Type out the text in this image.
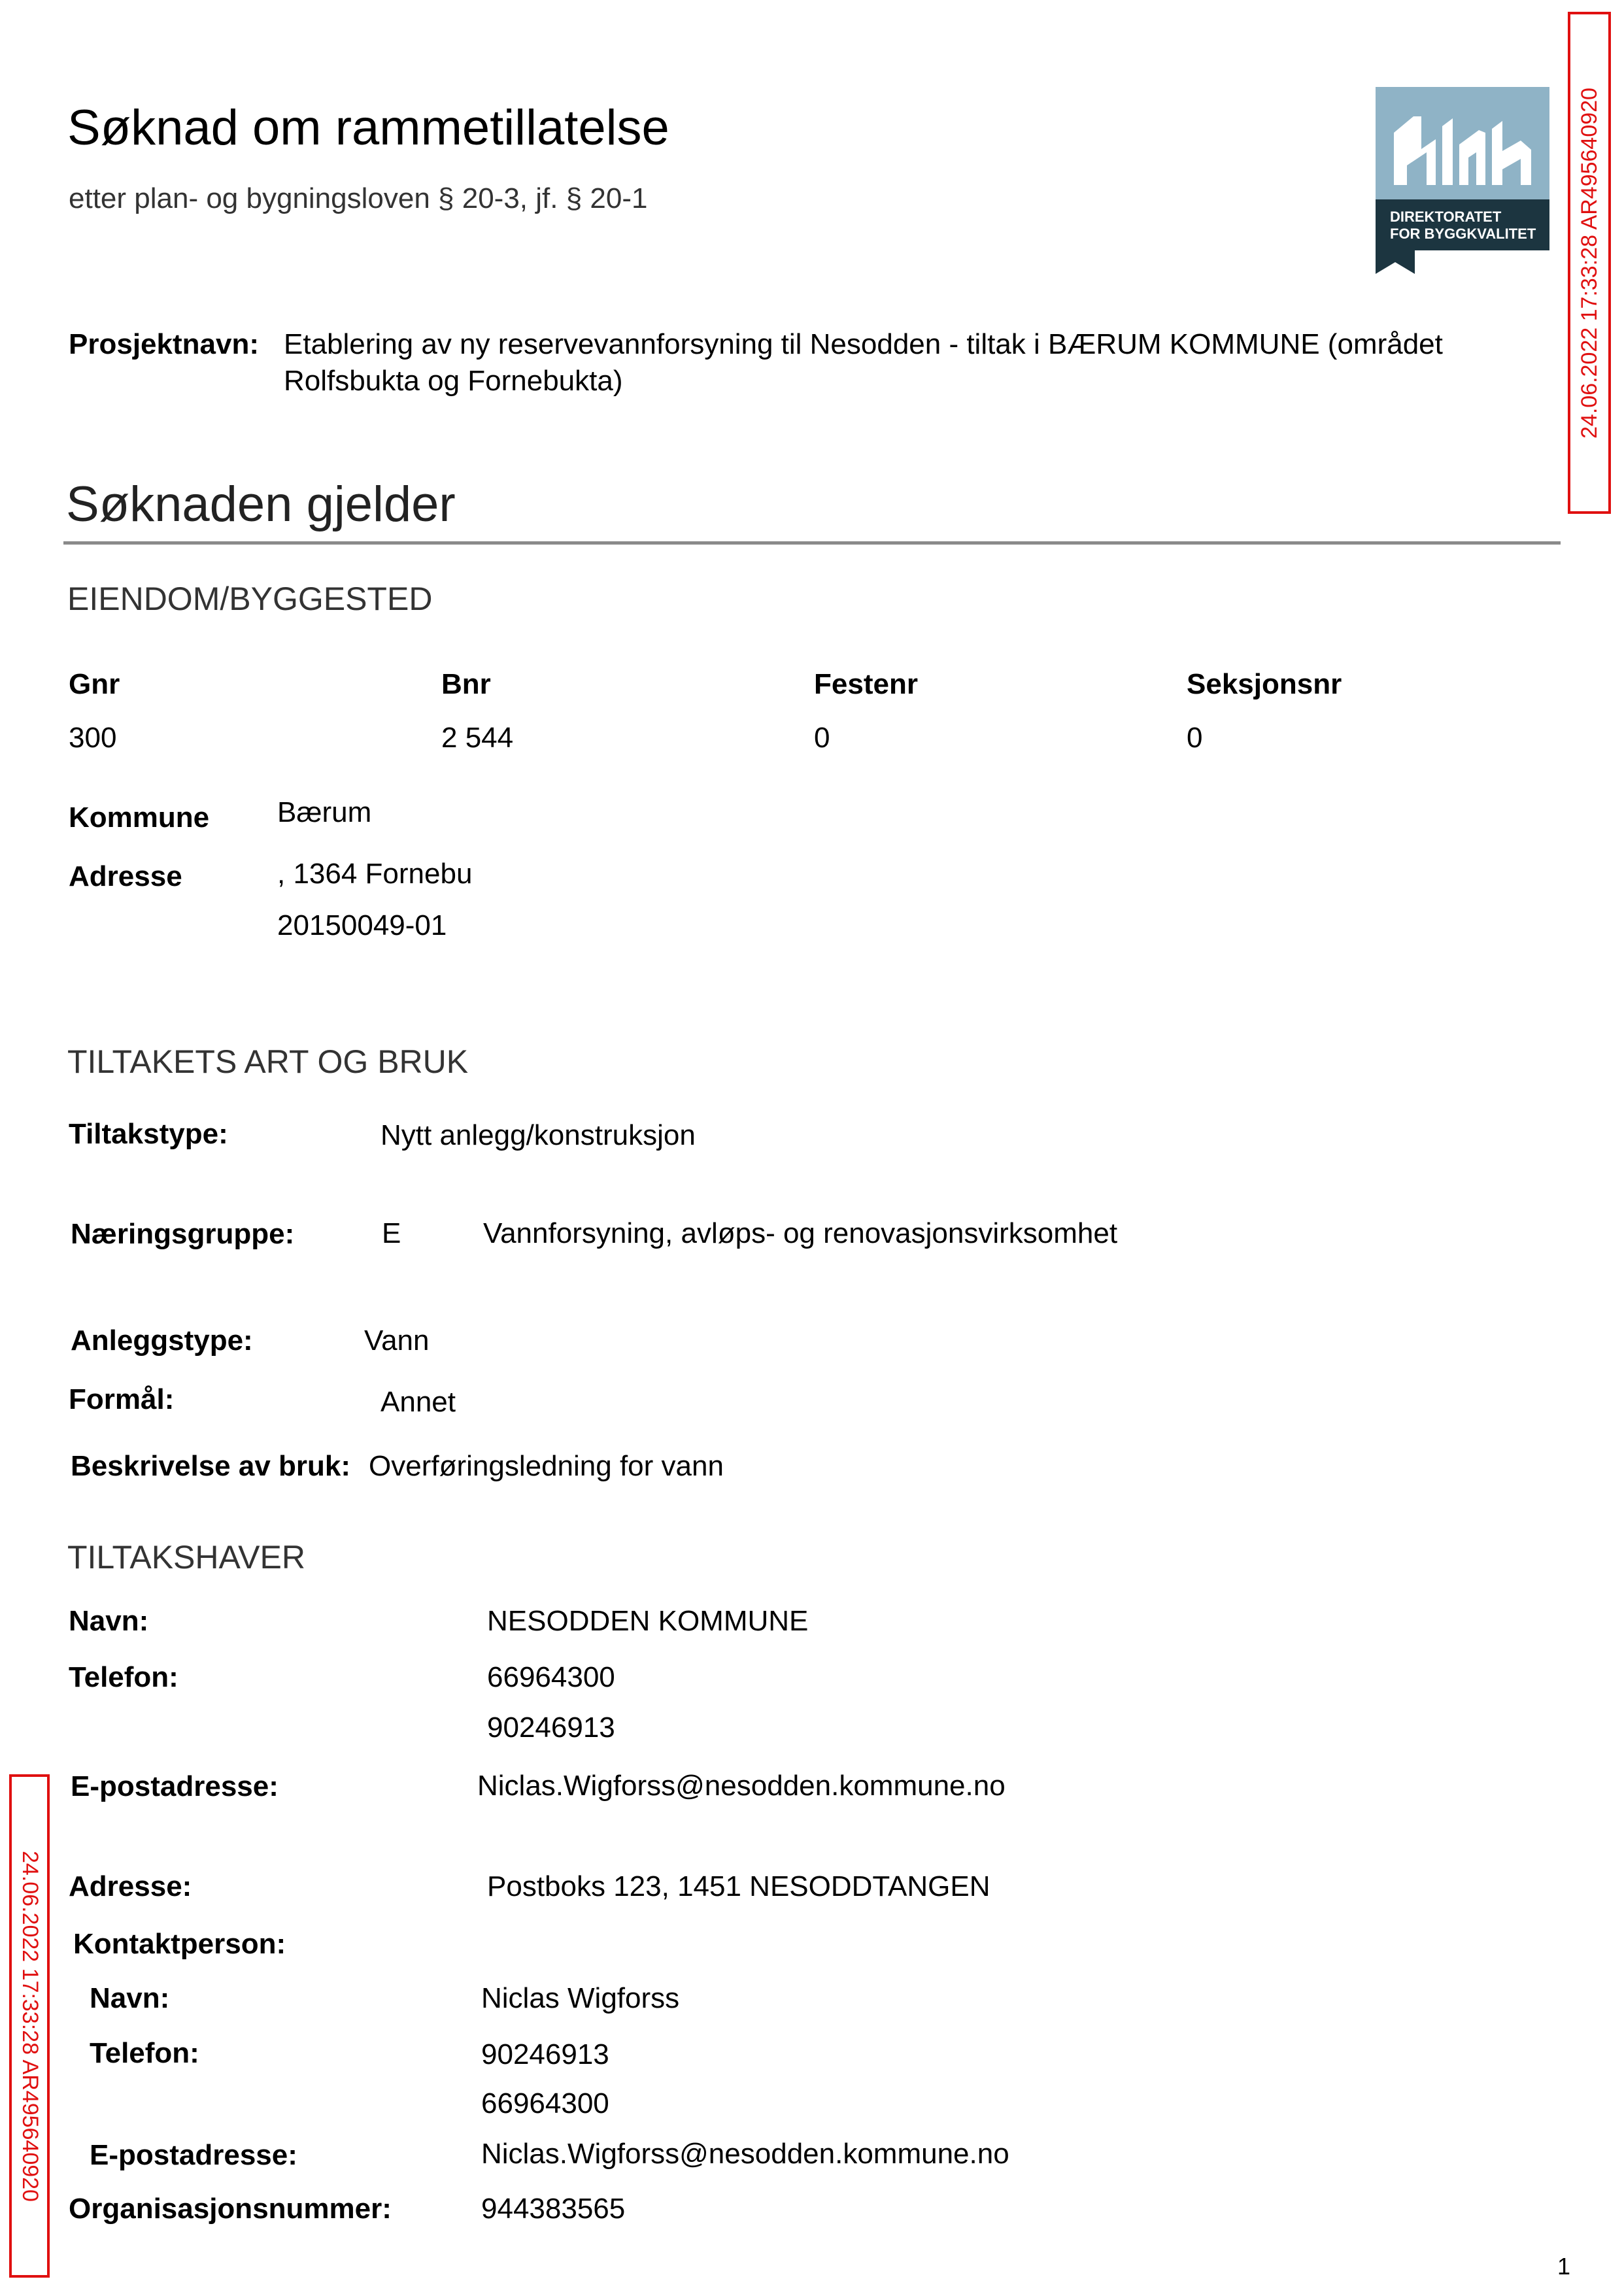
Søknad om rammetillatelse
etter plan- og bygningsloven § 20-3, jf. § 20-1
DIREKTORATET
FOR BYGGKVALITET 24.06.2022 17:33:28 AR495640920
24.06.2022 17:33:28 AR495640920
Prosjektnavn: Etablering av ny reservevannforsyning til Nesodden - tiltak i BÆRUM KOMMUNE (området
Rolfsbukta og Fornebukta)
Søknaden gjelder
EIENDOM/BYGGESTED
Gnr	Bnr	Festenr	Seksjonsnr
300	2 544	0	0
Kommune Bærum
Adresse	, 1364 Fornebu
20150049-01
TILTAKETS ART OG BRUK
Tiltakstype:	Nytt anlegg/konstruksjon
Næringsgruppe:	E	Vannforsyning, avløps- og renovasjonsvirksomhet
Anleggstype:	Vann
Formål:	Annet
Beskrivelse av bruk: Overføringsledning for vann
TILTAKSHAVER
Navn:	NESODDEN KOMMUNE
Telefon:	66964300
90246913
E-postadresse:	Niclas.Wigforss@nesodden.kommune.no
Adresse:	Postboks 123, 1451 NESODDTANGEN
Kontaktperson:
Navn:	Niclas Wigforss
Telefon:	90246913
66964300
E-postadresse:	Niclas.Wigforss@nesodden.kommune.no
Organisasjonsnummer:	944383565
1
